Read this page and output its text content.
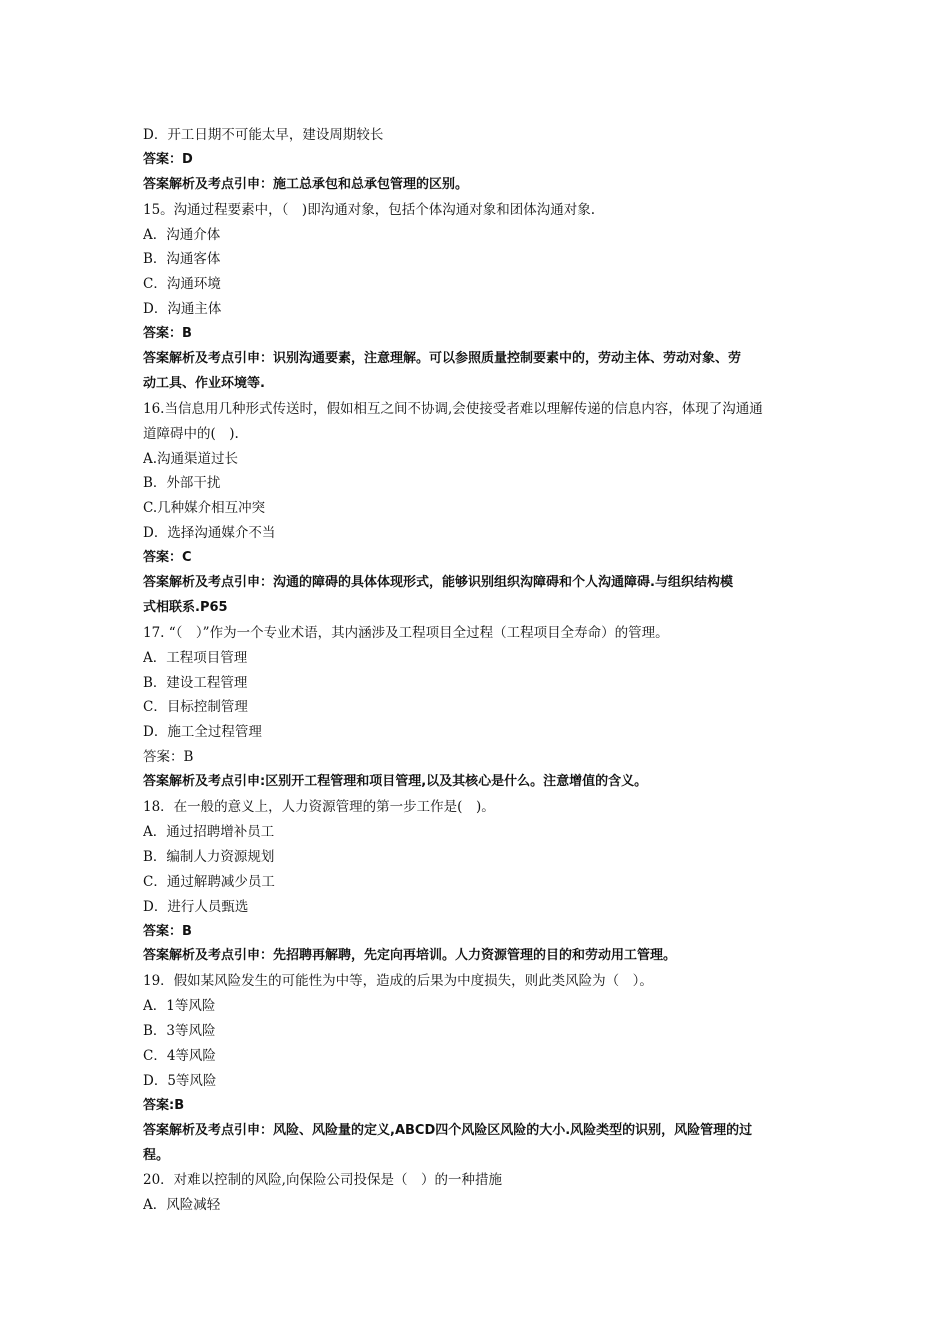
D．开工日期不可能太早，建设周期较长
答案：D
答案解析及考点引申：施工总承包和总承包管理的区别。
15。沟通过程要素中，（　)即沟通对象，包括个体沟通对象和团体沟通对象.
A．沟通介体
B．沟通客体
C．沟通环境
D．沟通主体
答案：B
答案解析及考点引申：识别沟通要素，注意理解。可以参照质量控制要素中的，劳动主体、劳动对象、劳
动工具、作业环境等.
16.当信息用几种形式传送时，假如相互之间不协调,会使接受者难以理解传递的信息内容，体现了沟通通
道障碍中的(　).
A.沟通渠道过长
B．外部干扰
C.几种媒介相互冲突
D．选择沟通媒介不当
答案：C
答案解析及考点引申：沟通的障碍的具体体现形式，能够识别组织沟障碍和个人沟通障碍.与组织结构模
式相联系.P65
17. “（　）”作为一个专业术语，其内涵涉及工程项目全过程（工程项目全寿命）的管理。
A．工程项目管理
B．建设工程管理
C．目标控制管理
D．施工全过程管理
答案：B
答案解析及考点引申:区别开工程管理和项目管理,以及其核心是什么。注意增值的含义。
18．在一般的意义上，人力资源管理的第一步工作是(　)。
A．通过招聘增补员工
B．编制人力资源规划
C．通过解聘减少员工
D．进行人员甄选
答案：B
答案解析及考点引申：先招聘再解聘，先定向再培训。人力资源管理的目的和劳动用工管理。
19．假如某风险发生的可能性为中等，造成的后果为中度损失，则此类风险为（　）。
A．1等风险
B．3等风险
C．4等风险
D．5等风险
答案:B
答案解析及考点引申：风险、风险量的定义,ABCD四个风险区风险的大小.风险类型的识别，风险管理的过
程。
20．对难以控制的风险,向保险公司投保是（　）的一种措施
A．风险减轻
